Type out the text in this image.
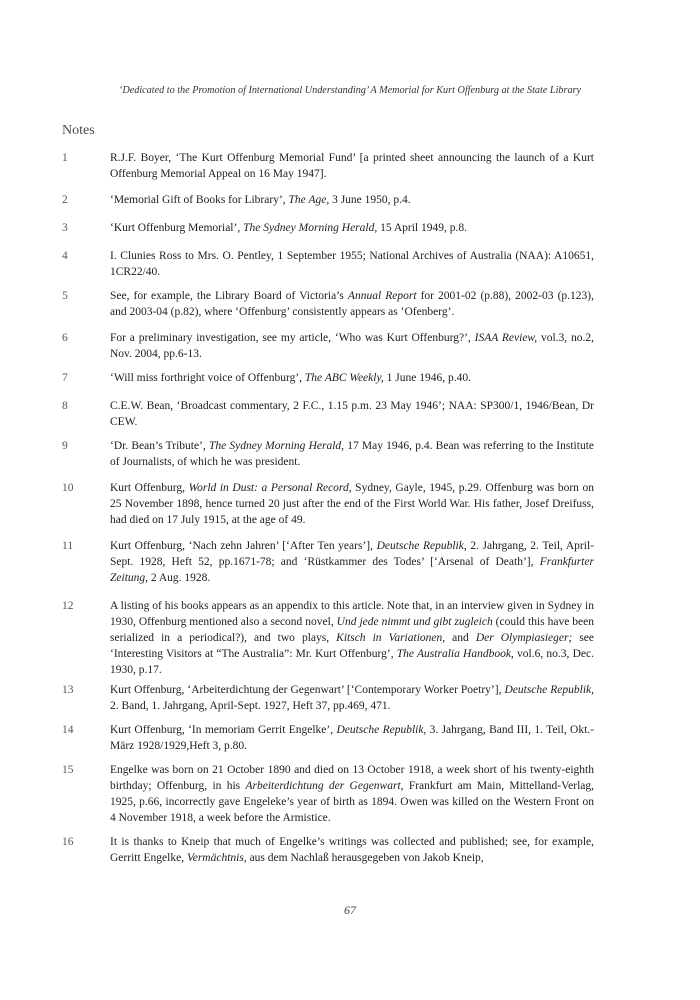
‘Dedicated to the Promotion of International Understanding’ A Memorial for Kurt Offenburg at the State Library
Notes
1	R.J.F. Boyer, ‘The Kurt Offenburg Memorial Fund’ [a printed sheet announcing the launch of a Kurt Offenburg Memorial Appeal on 16 May 1947].
2	‘Memorial Gift of Books for Library’, The Age, 3 June 1950, p.4.
3	‘Kurt Offenburg Memorial’, The Sydney Morning Herald, 15 April 1949, p.8.
4	I. Clunies Ross to Mrs. O. Pentley, 1 September 1955; National Archives of Australia (NAA): A10651, 1CR22/40.
5	See, for example, the Library Board of Victoria’s Annual Report for 2001-02 (p.88), 2002-03 (p.123), and 2003-04 (p.82), where ‘Offenburg’ consistently appears as ‘Ofenberg’.
6	For a preliminary investigation, see my article, ‘Who was Kurt Offenburg?’, ISAA Review, vol.3, no.2, Nov. 2004, pp.6-13.
7	‘Will miss forthright voice of Offenburg’, The ABC Weekly, 1 June 1946, p.40.
8	C.E.W. Bean, ‘Broadcast commentary, 2 F.C., 1.15 p.m. 23 May 1946’; NAA: SP300/1, 1946/Bean, Dr CEW.
9	‘Dr. Bean’s Tribute’, The Sydney Morning Herald, 17 May 1946, p.4. Bean was referring to the Institute of Journalists, of which he was president.
10	Kurt Offenburg, World in Dust: a Personal Record, Sydney, Gayle, 1945, p.29. Offenburg was born on 25 November 1898, hence turned 20 just after the end of the First World War. His father, Josef Dreifuss, had died on 17 July 1915, at the age of 49.
11	Kurt Offenburg, ‘Nach zehn Jahren’ [‘After Ten years’], Deutsche Republik, 2. Jahrgang, 2. Teil, April-Sept. 1928, Heft 52, pp.1671-78; and ‘Rüstkammer des Todes’ [‘Arsenal of Death’], Frankfurter Zeitung, 2 Aug. 1928.
12	A listing of his books appears as an appendix to this article. Note that, in an interview given in Sydney in 1930, Offenburg mentioned also a second novel, Und jede nimmt und gibt zugleich (could this have been serialized in a periodical?), and two plays, Kitsch in Variationen, and Der Olympiasieger; see ‘Interesting Visitors at “The Australia”: Mr. Kurt Offenburg’, The Australia Handbook, vol.6, no.3, Dec. 1930, p.17.
13	Kurt Offenburg, ‘Arbeiterdichtung der Gegenwart’ [‘Contemporary Worker Poetry’], Deutsche Republik, 2. Band, 1. Jahrgang, April-Sept. 1927, Heft 37, pp.469, 471.
14	Kurt Offenburg, ‘In memoriam Gerrit Engelke’, Deutsche Republik, 3. Jahrgang, Band III, 1. Teil, Okt.-März 1928/1929,Heft 3, p.80.
15	Engelke was born on 21 October 1890 and died on 13 October 1918, a week short of his twenty-eighth birthday; Offenburg, in his Arbeiterdichtung der Gegenwart, Frankfurt am Main, Mittelland-Verlag, 1925, p.66, incorrectly gave Engeleke’s year of birth as 1894. Owen was killed on the Western Front on 4 November 1918, a week before the Armistice.
16	It is thanks to Kneip that much of Engelke’s writings was collected and published; see, for example, Gerritt Engelke, Vermächtnis, aus dem Nachlaß herausgegeben von Jakob Kneip,
67
